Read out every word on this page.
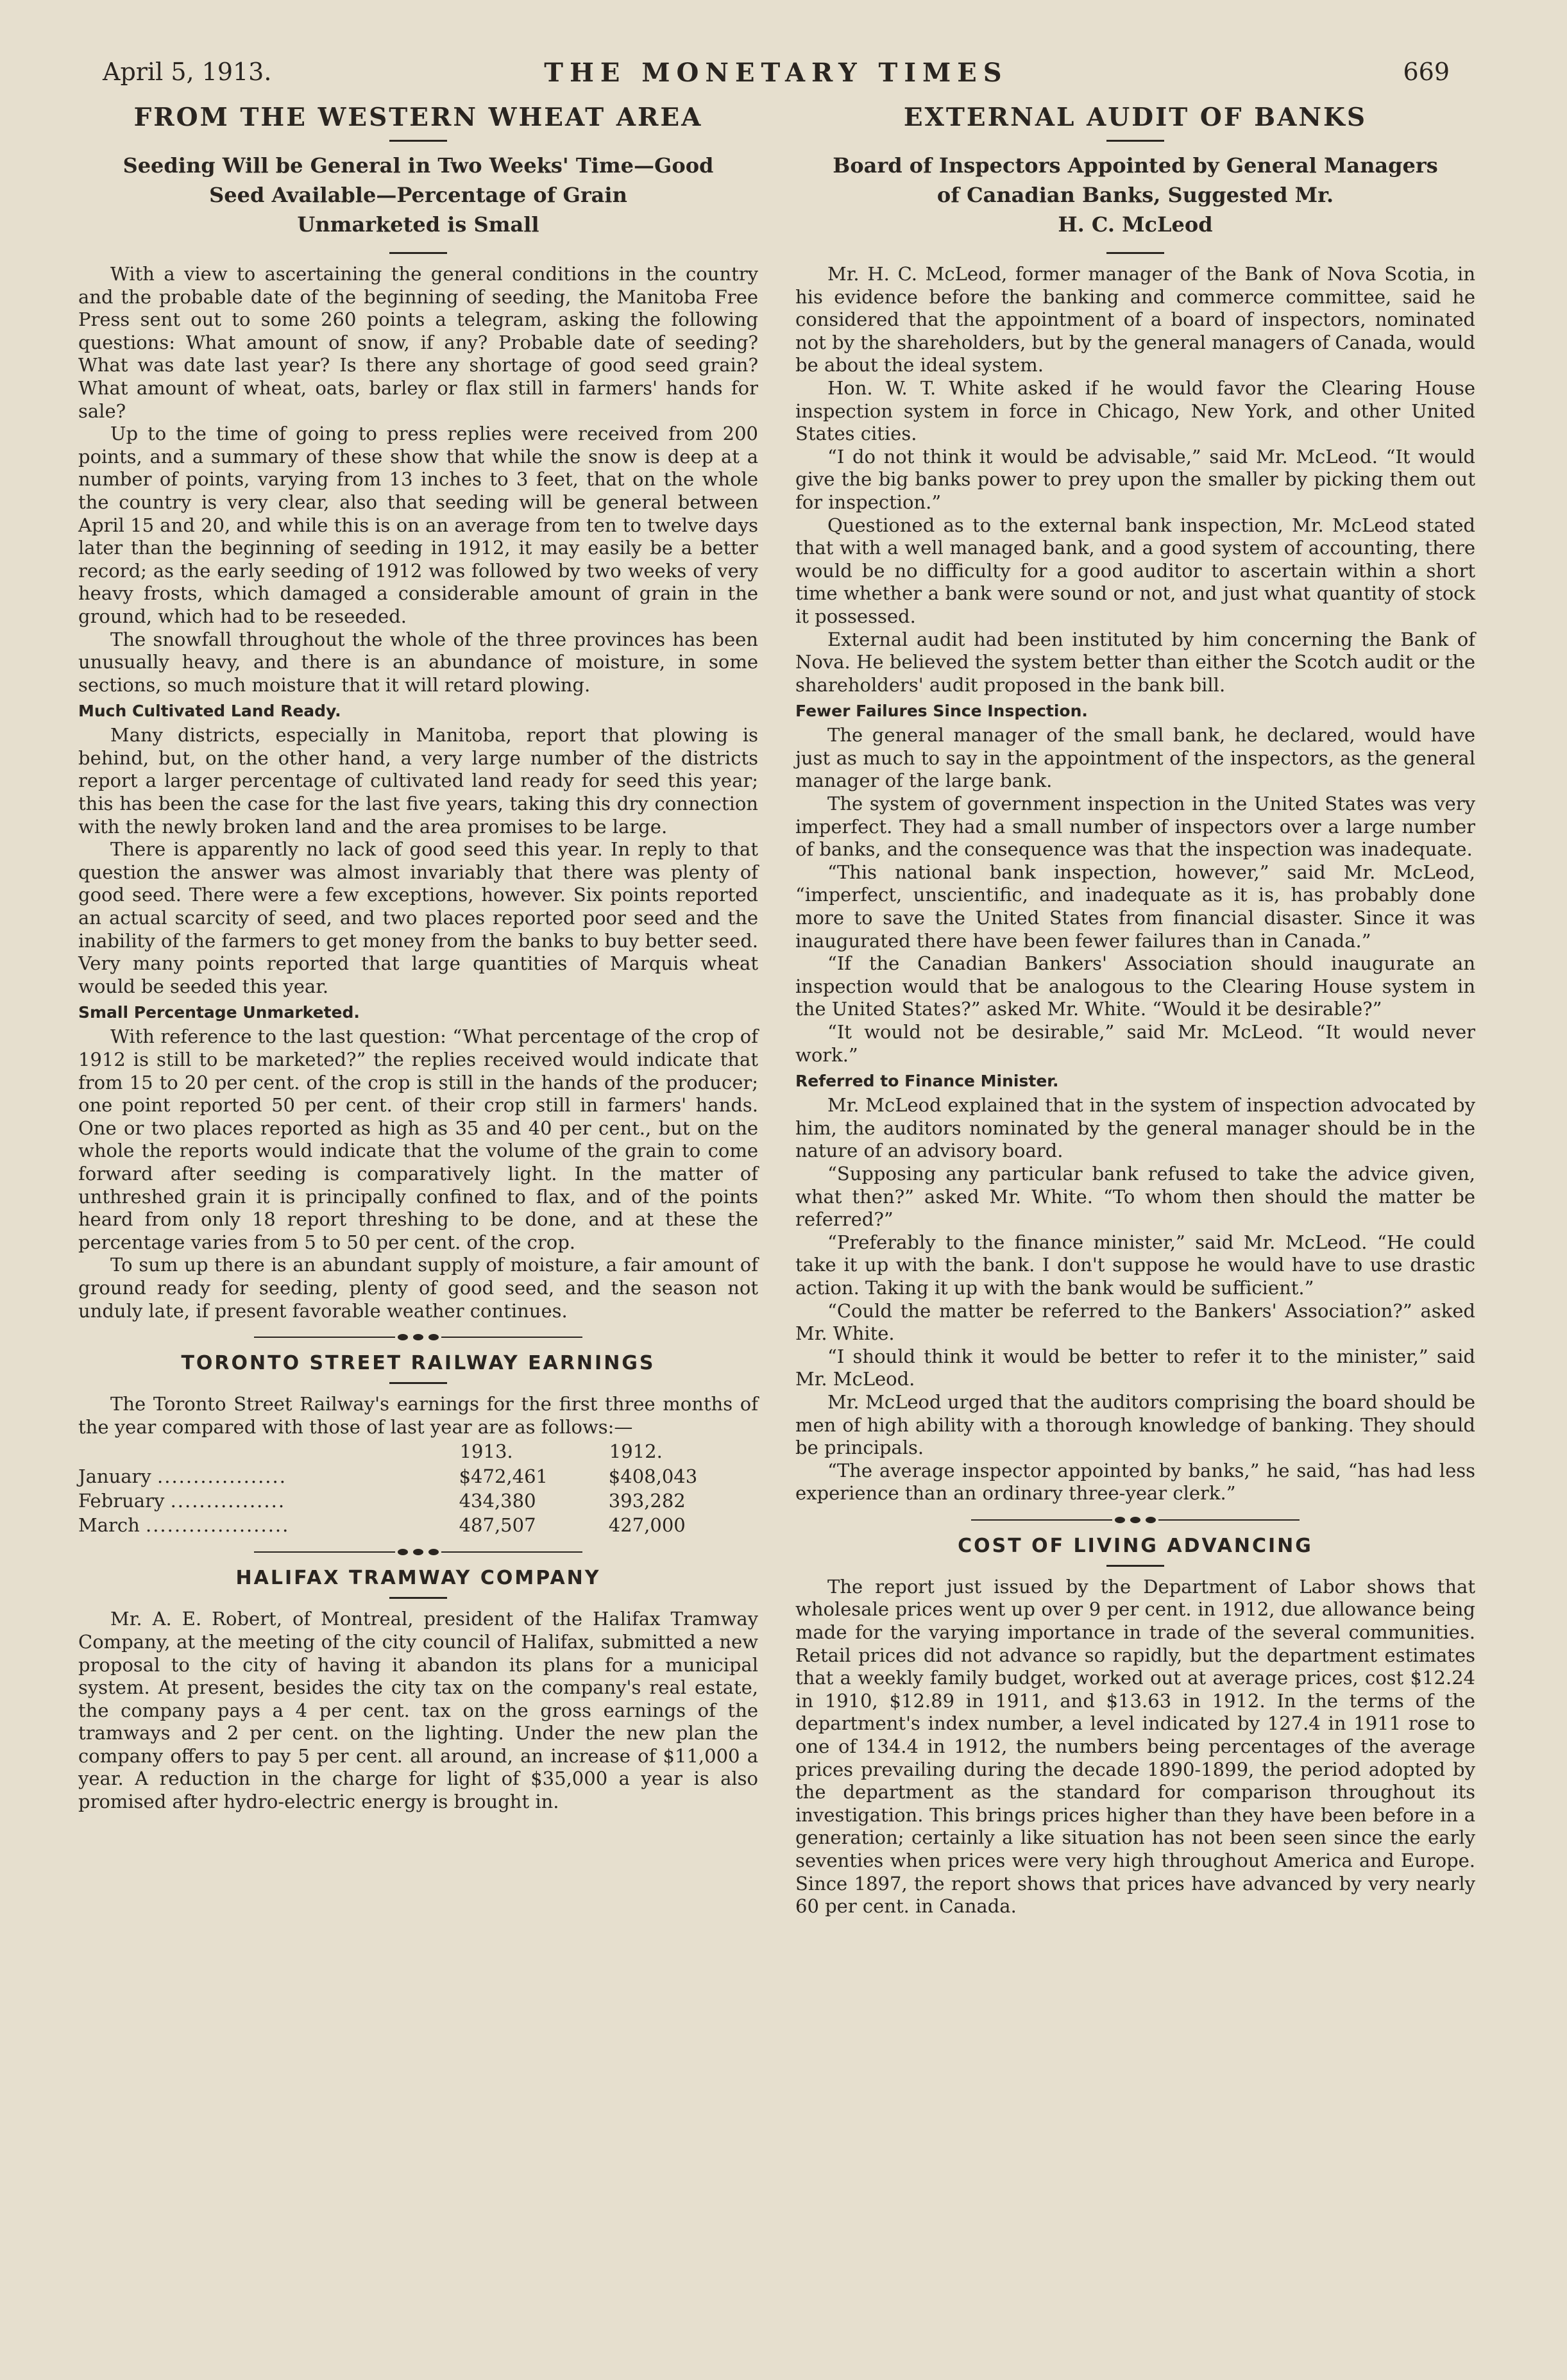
THE MONETARY TIMES
April 5, 1913.	669
FROM THE WESTERN WHEAT AREA
Seeding Will be General in Two Weeks' Time—Good
Seed Available—Percentage of Grain
Unmarketed is Small

With a view to ascertaining the general conditions in the country and the probable date of the beginning of seeding, the Manitoba Free Press sent out to some 260 points a telegram, asking the following questions: What amount of snow, if any? Probable date of seeding? What was date last year? Is there any shortage of good seed grain? What amount of wheat, oats, barley or flax still in farmers' hands for sale?

Up to the time of going to press replies were received from 200 points, and a summary of these show that while the snow is deep at a number of points, varying from 13 inches to 3 feet, that on the whole the country is very clear, also that seeding will be general between April 15 and 20, and while this is on an average from ten to twelve days later than the beginning of seeding in 1912, it may easily be a better record; as the early seeding of 1912 was followed by two weeks of very heavy frosts, which damaged a considerable amount of grain in the ground, which had to be reseeded.

The snowfall throughout the whole of the three provinces has been unusually heavy, and there is an abundance of moisture, in some sections, so much moisture that it will retard plowing.

Much Cultivated Land Ready.

Many districts, especially in Manitoba, report that plowing is behind, but, on the other hand, a very large number of the districts report a larger percentage of cultivated land ready for seed this year; this has been the case for the last five years, taking this dry connection with the newly broken land and the area promises to be large.

There is apparently no lack of good seed this year. In reply to that question the answer was almost invariably that there was plenty of good seed. There were a few exceptions, however. Six points reported an actual scarcity of seed, and two places reported poor seed and the inability of the farmers to get money from the banks to buy better seed. Very many points reported that large quantities of Marquis wheat would be seeded this year.

Small Percentage Unmarketed.

With reference to the last question: “What percentage of the crop of 1912 is still to be marketed?” the replies received would indicate that from 15 to 20 per cent. of the crop is still in the hands of the producer; one point reported 50 per cent. of their crop still in farmers' hands. One or two places reported as high as 35 and 40 per cent., but on the whole the reports would indicate that the volume of the grain to come forward after seeding is comparatively light. In the matter of unthreshed grain it is principally confined to flax, and of the points heard from only 18 report threshing to be done, and at these the percentage varies from 5 to 50 per cent. of the crop.

To sum up there is an abundant supply of moisture, a fair amount of ground ready for seeding, plenty of good seed, and the season not unduly late, if present favorable weather continues.

TORONTO STREET RAILWAY EARNINGS

The Toronto Street Railway's earnings for the first three months of the year compared with those of last year are as follows:—

	1913.	1912.
January ..................	$472,461	$408,043
February ................	434,380	393,282
March ....................	487,507	427,000
HALIFAX TRAMWAY COMPANY

Mr. A. E. Robert, of Montreal, president of the Halifax Tramway Company, at the meeting of the city council of Halifax, submitted a new proposal to the city of having it abandon its plans for a municipal system. At present, besides the city tax on the company's real estate, the company pays a 4 per cent. tax on the gross earnings of the tramways and 2 per cent. on the lighting. Under the new plan the company offers to pay 5 per cent. all around, an increase of $11,000 a year. A reduction in the charge for light of $35,000 a year is also promised after hydro-electric energy is brought in.

EXTERNAL AUDIT OF BANKS
Board of Inspectors Appointed by General Managers
of Canadian Banks, Suggested Mr.
H. C. McLeod

Mr. H. C. McLeod, former manager of the Bank of Nova Scotia, in his evidence before the banking and commerce committee, said he considered that the appointment of a board of inspectors, nominated not by the shareholders, but by the general managers of Canada, would be about the ideal system.

Hon. W. T. White asked if he would favor the Clearing House inspection system in force in Chicago, New York, and other United States cities.

“I do not think it would be advisable,” said Mr. McLeod. “It would give the big banks power to prey upon the smaller by picking them out for inspection.”

Questioned as to the external bank inspection, Mr. McLeod stated that with a well managed bank, and a good system of accounting, there would be no difficulty for a good auditor to ascertain within a short time whether a bank were sound or not, and just what quantity of stock it possessed.

External audit had been instituted by him concerning the Bank of Nova. He believed the system better than either the Scotch audit or the shareholders' audit proposed in the bank bill.

Fewer Failures Since Inspection.

The general manager of the small bank, he declared, would have just as much to say in the appointment of the inspectors, as the general manager of the large bank.

The system of government inspection in the United States was very imperfect. They had a small number of inspectors over a large number of banks, and the consequence was that the inspection was inadequate.

“This national bank inspection, however,” said Mr. McLeod, “imperfect, unscientific, and inadequate as it is, has probably done more to save the United States from financial disaster. Since it was inaugurated there have been fewer failures than in Canada.”

“If the Canadian Bankers' Association should inaugurate an inspection would that be analogous to the Clearing House system in the United States?” asked Mr. White. “Would it be desirable?”

“It would not be desirable,” said Mr. McLeod. “It would never work.”

Referred to Finance Minister.

Mr. McLeod explained that in the system of inspection advocated by him, the auditors nominated by the general manager should be in the nature of an advisory board.

“Supposing any particular bank refused to take the advice given, what then?” asked Mr. White. “To whom then should the matter be referred?”

“Preferably to the finance minister,” said Mr. McLeod. “He could take it up with the bank. I don't suppose he would have to use drastic action. Taking it up with the bank would be sufficient.”

“Could the matter be referred to the Bankers' Association?” asked Mr. White.

“I should think it would be better to refer it to the minister,” said Mr. McLeod.

Mr. McLeod urged that the auditors comprising the board should be men of high ability with a thorough knowledge of banking. They should be principals.

“The average inspector appointed by banks,” he said, “has had less experience than an ordinary three-year clerk.”

COST OF LIVING ADVANCING

The report just issued by the Department of Labor shows that wholesale prices went up over 9 per cent. in 1912, due allowance being made for the varying importance in trade of the several communities. Retail prices did not advance so rapidly, but the department estimates that a weekly family budget, worked out at average prices, cost $12.24 in 1910, $12.89 in 1911, and $13.63 in 1912. In the terms of the department's index number, a level indicated by 127.4 in 1911 rose to one of 134.4 in 1912, the numbers being percentages of the average prices prevailing during the decade 1890-1899, the period adopted by the department as the standard for comparison throughout its investigation. This brings prices higher than they have been before in a generation; certainly a like situation has not been seen since the early seventies when prices were very high throughout America and Europe. Since 1897, the report shows that prices have advanced by very nearly 60 per cent. in Canada.
